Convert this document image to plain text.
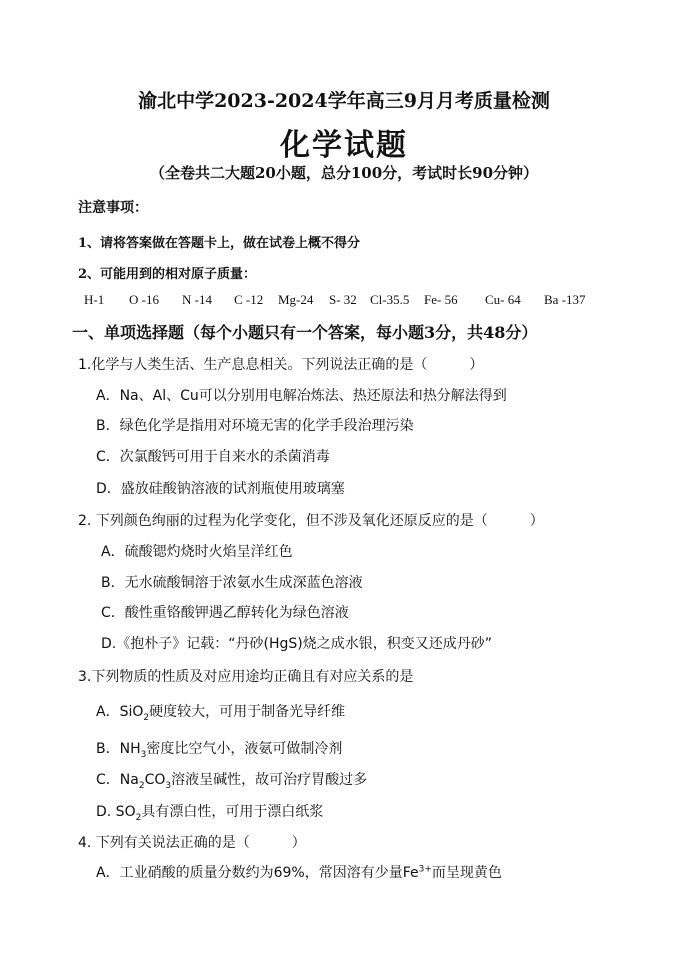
渝北中学2023-2024学年高三9月月考质量检测
化学试题
（全卷共二大题20小题，总分100分，考试时长90分钟）
注意事项：
1、请将答案做在答题卡上，做在试卷上概不得分
2、可能用到的相对原子质量：
H-1 O -16 N -14 C -12 Mg-24 S- 32 Cl-35.5 Fe- 56 Cu- 64 Ba -137
一、单项选择题（每个小题只有一个答案，每小题3分，共48分）
1.化学与人类生活、生产息息相关。下列说法正确的是（　　　）
A．Na、Al、Cu可以分别用电解冶炼法、热还原法和热分解法得到
B．绿色化学是指用对环境无害的化学手段治理污染
C．次氯酸钙可用于自来水的杀菌消毒
D．盛放硅酸钠溶液的试剂瓶使用玻璃塞
2. 下列颜色绚丽的过程为化学变化，但不涉及氧化还原反应的是（　　　）
A．硫酸锶灼烧时火焰呈洋红色
B．无水硫酸铜溶于浓氨水生成深蓝色溶液
C．酸性重铬酸钾遇乙醇转化为绿色溶液
D.《抱朴子》记载：“丹砂(HgS)烧之成水银，积变又还成丹砂”
3.下列物质的性质及对应用途均正确且有对应关系的是
A．SiO$_2$硬度较大，可用于制备光导纤维
B．$NH_3$密度比空气小，液氨可做制冷剂
C．$Na_2CO_3$溶液呈碱性，故可治疗胃酸过多
D. $SO_2$具有漂白性，可用于漂白纸浆
4. 下列有关说法正确的是（　　　）
A．工业硝酸的质量分数约为69%，常因溶有少量$Fe^{3+}$而呈现黄色
